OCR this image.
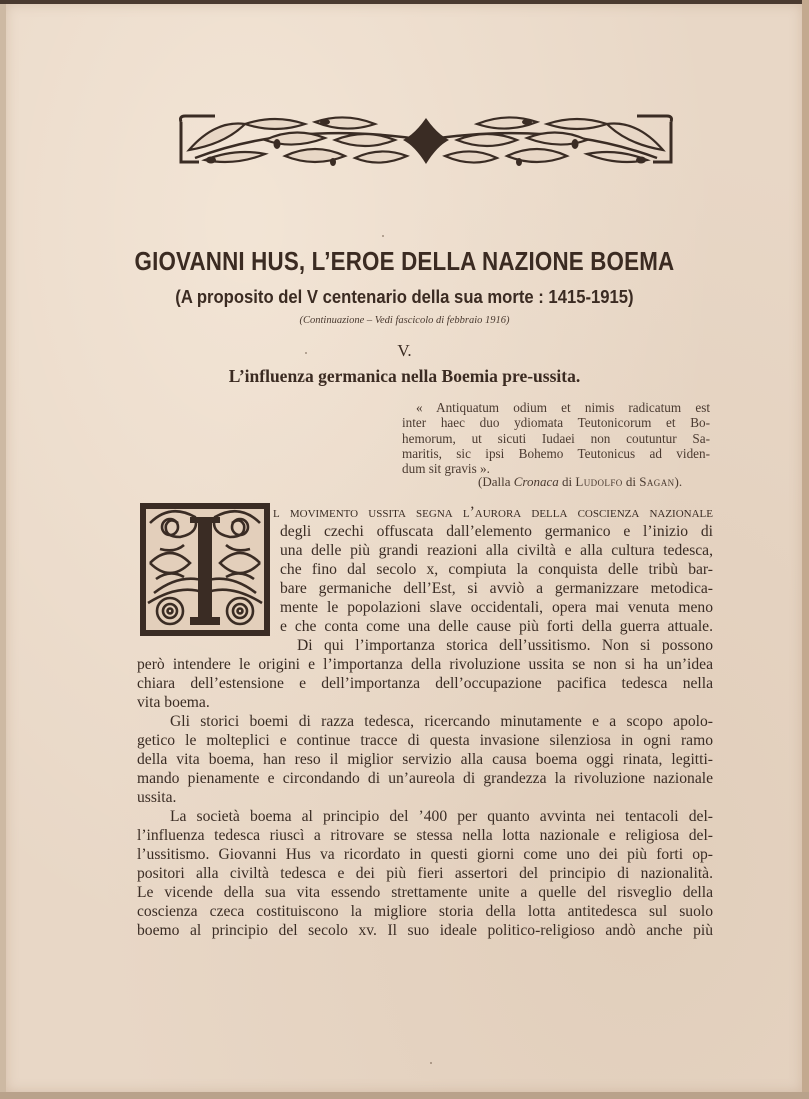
GIOVANNI HUS, L’EROE DELLA NAZIONE BOEMA
(A proposito del V centenario della sua morte : 1415-1915)
(Continuazione – Vedi fascicolo di febbraio 1916)
V.
L’influenza germanica nella Boemia pre-ussita.
« Antiquatum odium et nimis radicatum est
inter haec duo ydiomata Teutonicorum et Bo-
hemorum, ut sicuti Iudaei non coutuntur Sa-
maritis, sic ipsi Bohemo Teutonicus ad viden-
dum sit gravis ».
(Dalla Cronaca di Ludolfo di Sagan).
l movimento ussita segna l’aurora della coscienza nazionale
degli czechi offuscata dall’elemento germanico e l’inizio di
una delle più grandi reazioni alla civiltà e alla cultura tedesca,
che fino dal secolo x, compiuta la conquista delle tribù bar-
bare germaniche dell’Est, si avviò a germanizzare metodica-
mente le popolazioni slave occidentali, opera mai venuta meno
e che conta come una delle cause più forti della guerra attuale.
Di qui l’importanza storica dell’ussitismo. Non si possono
però intendere le origini e l’importanza della rivoluzione ussita se non si ha un’idea
chiara dell’estensione e dell’importanza dell’occupazione pacifica tedesca nella
vita boema.
Gli storici boemi di razza tedesca, ricercando minutamente e a scopo apolo-
getico le molteplici e continue tracce di questa invasione silenziosa in ogni ramo
della vita boema, han reso il miglior servizio alla causa boema oggi rinata, legitti-
mando pienamente e circondando di un’aureola di grandezza la rivoluzione nazionale
ussita.
La società boema al principio del ’400 per quanto avvinta nei tentacoli del-
l’influenza tedesca riuscì a ritrovare se stessa nella lotta nazionale e religiosa del-
l’ussitismo. Giovanni Hus va ricordato in questi giorni come uno dei più forti op-
positori alla civiltà tedesca e dei più fieri assertori del principio di nazionalità.
Le vicende della sua vita essendo strettamente unite a quelle del risveglio della
coscienza czeca costituiscono la migliore storia della lotta antitedesca sul suolo
boemo al principio del secolo xv. Il suo ideale politico-religioso andò anche più
